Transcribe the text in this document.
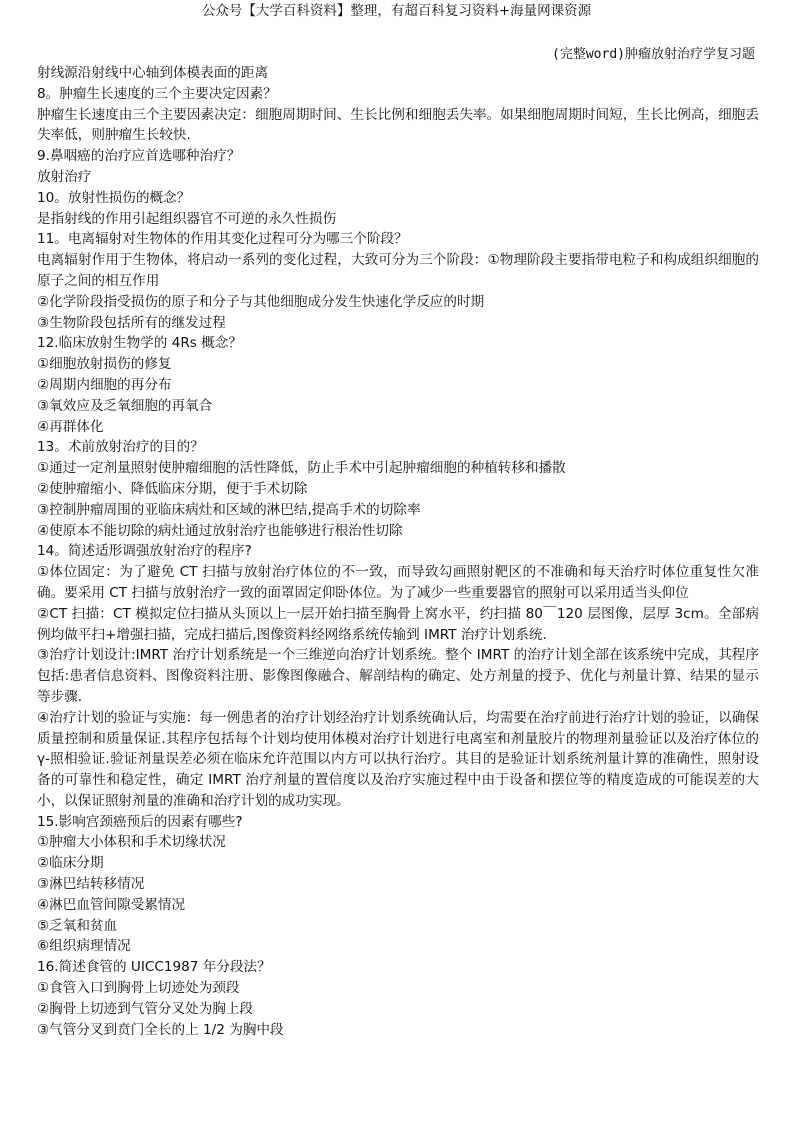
公众号【大学百科资料】整理，有超百科复习资料+海量网课资源
(完整word)肿瘤放射治疗学复习题
射线源沿射线中心轴到体模表面的距离
8。肿瘤生长速度的三个主要决定因素？
肿瘤生长速度由三个主要因素决定：细胞周期时间、生长比例和细胞丢失率。如果细胞周期时间短，生长比例高，细胞丢失率低，则肿瘤生长较快.
9.鼻咽癌的治疗应首选哪种治疗？
放射治疗
10。放射性损伤的概念？
是指射线的作用引起组织器官不可逆的永久性损伤
11。电离辐射对生物体的作用其变化过程可分为哪三个阶段？
电离辐射作用于生物体，将启动一系列的变化过程，大致可分为三个阶段：①物理阶段主要指带电粒子和构成组织细胞的原子之间的相互作用
②化学阶段指受损伤的原子和分子与其他细胞成分发生快速化学反应的时期
③生物阶段包括所有的继发过程
12.临床放射生物学的 4Rs 概念？
①细胞放射损伤的修复
②周期内细胞的再分布
③氧效应及乏氧细胞的再氧合
④再群体化
13。术前放射治疗的目的？
①通过一定剂量照射使肿瘤细胞的活性降低，防止手术中引起肿瘤细胞的种植转移和播散
②使肿瘤缩小、降低临床分期，便于手术切除
③控制肿瘤周围的亚临床病灶和区域的淋巴结,提高手术的切除率
④使原本不能切除的病灶通过放射治疗也能够进行根治性切除
14。简述适形调强放射治疗的程序?
①体位固定：为了避免 CT 扫描与放射治疗体位的不一致，而导致勾画照射靶区的不准确和每天治疗时体位重复性欠准确。要采用 CT 扫描与放射治疗一致的面罩固定仰卧体位。为了减少一些重要器官的照射可以采用适当头仰位
②CT 扫描：CT 模拟定位扫描从头顶以上一层开始扫描至胸骨上窝水平，约扫描 80￣120 层图像，层厚 3cm。全部病例均做平扫+增强扫描，完成扫描后,图像资料经网络系统传输到 IMRT 治疗计划系统.
③治疗计划设计:IMRT 治疗计划系统是一个三维逆向治疗计划系统。整个 IMRT 的治疗计划全部在该系统中完成，其程序包括:患者信息资料、图像资料注册、影像图像融合、解剖结构的确定、处方剂量的授予、优化与剂量计算、结果的显示等步骤.
④治疗计划的验证与实施：每一例患者的治疗计划经治疗计划系统确认后，均需要在治疗前进行治疗计划的验证，以确保质量控制和质量保证.其程序包括每个计划均使用体模对治疗计划进行电离室和剂量胶片的物理剂量验证以及治疗体位的 γ-照相验证.验证剂量误差必须在临床允许范围以内方可以执行治疗。其目的是验证计划系统剂量计算的准确性，照射设备的可靠性和稳定性，确定 IMRT 治疗剂量的置信度以及治疗实施过程中由于设备和摆位等的精度造成的可能误差的大小，以保证照射剂量的准确和治疗计划的成功实现。
15.影响宫颈癌预后的因素有哪些?
①肿瘤大小体积和手术切缘状况
②临床分期
③淋巴结转移情况
④淋巴血管间隙受累情况
⑤乏氧和贫血
⑥组织病理情况
16.简述食管的 UICC1987 年分段法？
①食管入口到胸骨上切迹处为颈段
②胸骨上切迹到气管分叉处为胸上段
③气管分叉到贲门全长的上 1/2 为胸中段
